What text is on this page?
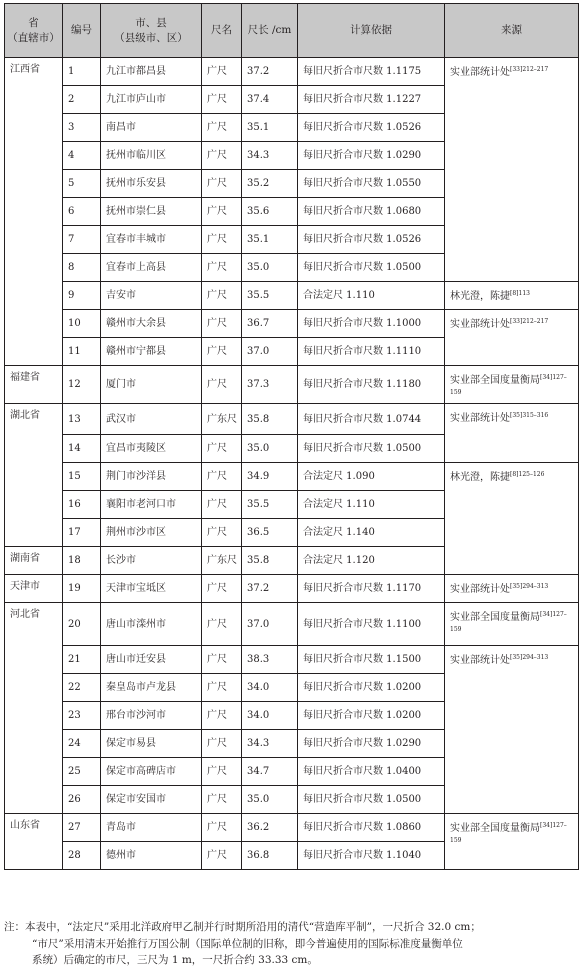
省
（直辖市）	编号	市、县
（县级市、区）	尺名	尺长 /cm	计算依据	来源
江西省	1	九江市都昌县	广尺	37.2	每旧尺折合市尺数 1.1175	实业部统计处$^{[33]212-217}$
	2	九江市庐山市	广尺	37.4	每旧尺折合市尺数 1.1227	
	3	南昌市	广尺	35.1	每旧尺折合市尺数 1.0526	
	4	抚州市临川区	广尺	34.3	每旧尺折合市尺数 1.0290	
	5	抚州市乐安县	广尺	35.2	每旧尺折合市尺数 1.0550	
	6	抚州市崇仁县	广尺	35.6	每旧尺折合市尺数 1.0680	
	7	宜春市丰城市	广尺	35.1	每旧尺折合市尺数 1.0526	
	8	宜春市上高县	广尺	35.0	每旧尺折合市尺数 1.0500	
	9	吉安市	广尺	35.5	合法定尺 1.110	林光澄，陈捷$^{[8]113}$
	10	赣州市大余县	广尺	36.7	每旧尺折合市尺数 1.1000	实业部统计处$^{[33]212-217}$
	11	赣州市宁都县	广尺	37.0	每旧尺折合市尺数 1.1110	
福建省	12	厦门市	广尺	37.3	每旧尺折合市尺数 1.1180	实业部全国度量衡局$^{[34]127-159}$
湖北省	13	武汉市	广东尺	35.8	每旧尺折合市尺数 1.0744	实业部统计处$^{[35]315-316}$
	14	宜昌市夷陵区	广尺	35.0	每旧尺折合市尺数 1.0500	
	15	荆门市沙洋县	广尺	34.9	合法定尺 1.090	林光澄，陈捷$^{[8]125-126}$
	16	襄阳市老河口市	广尺	35.5	合法定尺 1.110	
	17	荆州市沙市区	广尺	36.5	合法定尺 1.140	
湖南省	18	长沙市	广东尺	35.8	合法定尺 1.120	
天津市	19	天津市宝坻区	广尺	37.2	每旧尺折合市尺数 1.1170	实业部统计处$^{[35]294-313}$
河北省	20	唐山市滦州市	广尺	37.0	每旧尺折合市尺数 1.1100	实业部全国度量衡局$^{[34]127-159}$
	21	唐山市迁安县	广尺	38.3	每旧尺折合市尺数 1.1500	实业部统计处$^{[35]294-313}$
	22	秦皇岛市卢龙县	广尺	34.0	每旧尺折合市尺数 1.0200	
	23	邢台市沙河市	广尺	34.0	每旧尺折合市尺数 1.0200	
	24	保定市易县	广尺	34.3	每旧尺折合市尺数 1.0290	
	25	保定市高碑店市	广尺	34.7	每旧尺折合市尺数 1.0400	
	26	保定市安国市	广尺	35.0	每旧尺折合市尺数 1.0500	
山东省	27	青岛市	广尺	36.2	每旧尺折合市尺数 1.0860	实业部全国度量衡局$^{[34]127-159}$
	28	德州市	广尺	36.8	每旧尺折合市尺数 1.1040	

注：本表中，“法定尺”采用北洋政府甲乙制并行时期所沿用的清代“营造库平制”，一尺折合 32.0 cm；

“市尺”采用清末开始推行万国公制（国际单位制的旧称，即今普遍使用的国际标准度量衡单位

系统）后确定的市尺，三尺为 1 m，一尺折合约 33.33 cm。
